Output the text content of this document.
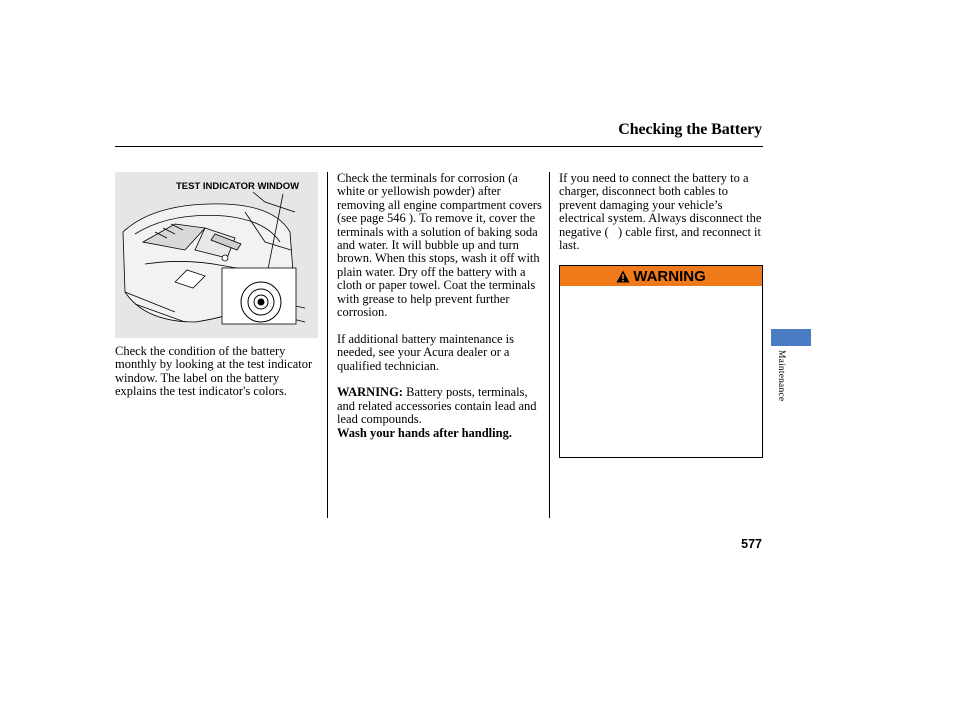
Checking the Battery
TEST INDICATOR WINDOW

Check the condition of the battery monthly by looking at the test indicator window. The label on the battery explains the test indicator's colors.

Check the terminals for corrosion (a white or yellowish powder) after removing all engine compartment covers (see page 546 ). To remove it, cover the terminals with a solution of baking soda and water. It will bubble up and turn brown. When this stops, wash it off with plain water. Dry off the battery with a cloth or paper towel. Coat the terminals with grease to help prevent further corrosion.

If additional battery maintenance is needed, see your Acura dealer or a qualified technician.

WARNING: Battery posts, terminals, and related accessories contain lead and lead compounds.
Wash your hands after handling.

If you need to connect the battery to a charger, disconnect both cables to prevent damaging your vehicle’s electrical system. Always disconnect the negative (   ) cable first, and reconnect it last.

WARNING
Maintenance
577
